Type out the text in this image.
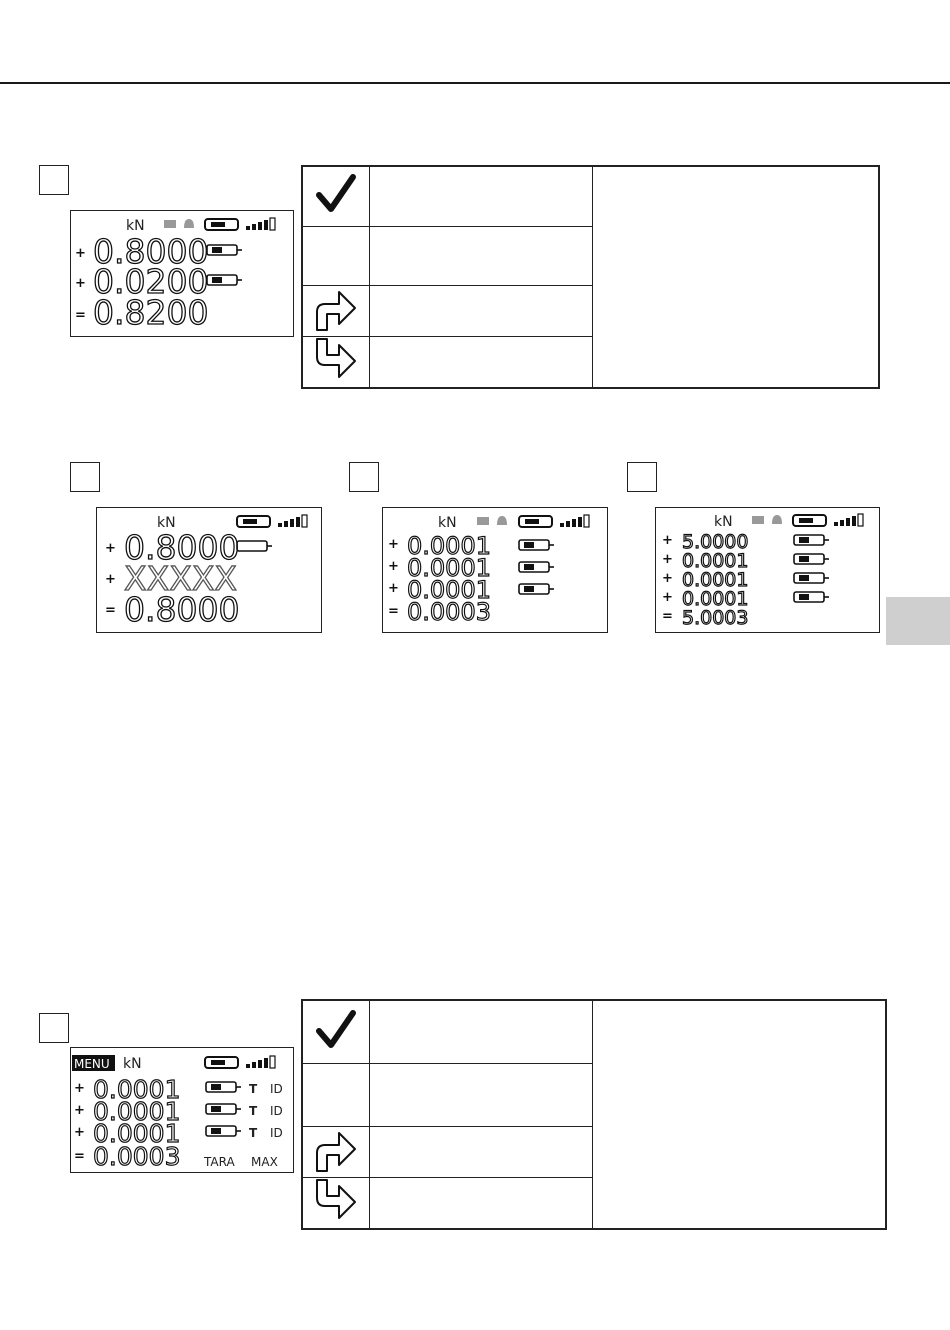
kN
+ 0.8000
+ 0.0200
= 0.8200

kN
+ 0.8000
+ XXXXX
= 0.8000
kN
+ 0.0001
+ 0.0001
+ 0.0001
= 0.0003
kN
+ 5.0000
+ 0.0001
+ 0.0001
+ 0.0001
= 5.0003
MENU kN
+ 0.0001	T ID
+ 0.0001	T ID
+ 0.0001	T ID
= 0.0003 TARA MAX
